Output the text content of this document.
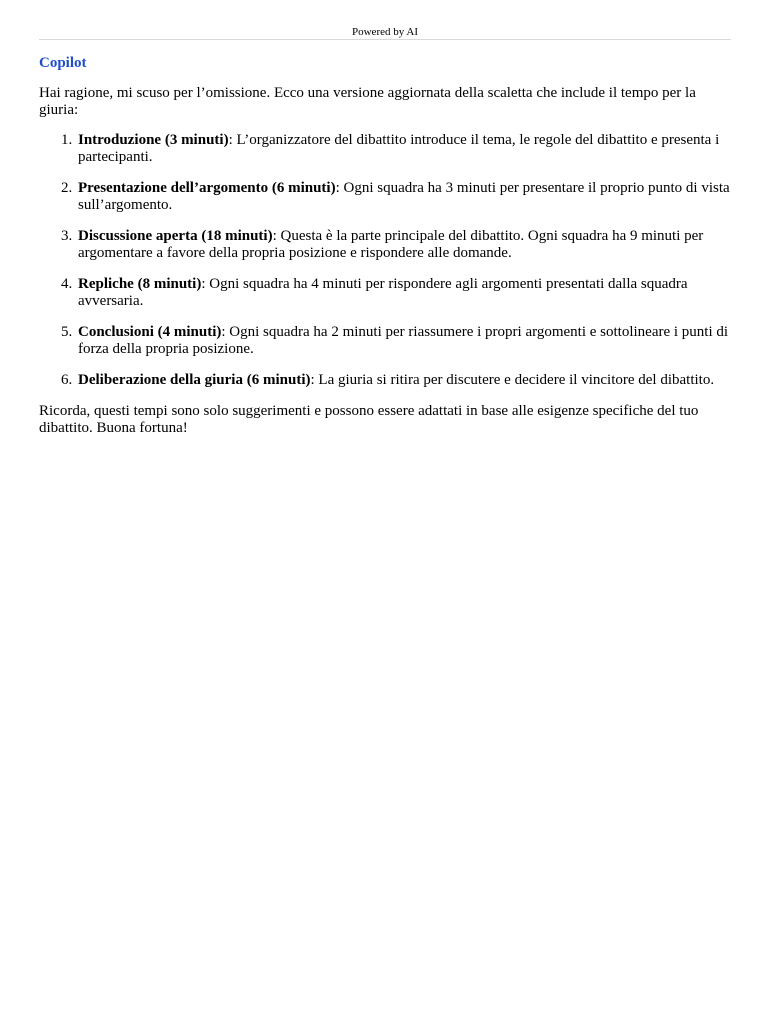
Powered by AI
Copilot
Hai ragione, mi scuso per l’omissione. Ecco una versione aggiornata della scaletta che include il tempo per la giuria:
1. Introduzione (3 minuti): L’organizzatore del dibattito introduce il tema, le regole del dibattito e presenta i partecipanti.
2. Presentazione dell’argomento (6 minuti): Ogni squadra ha 3 minuti per presentare il proprio punto di vista sull’argomento.
3. Discussione aperta (18 minuti): Questa è la parte principale del dibattito. Ogni squadra ha 9 minuti per argomentare a favore della propria posizione e rispondere alle domande.
4. Repliche (8 minuti): Ogni squadra ha 4 minuti per rispondere agli argomenti presentati dalla squadra avversaria.
5. Conclusioni (4 minuti): Ogni squadra ha 2 minuti per riassumere i propri argomenti e sottolineare i punti di forza della propria posizione.
6. Deliberazione della giuria (6 minuti): La giuria si ritira per discutere e decidere il vincitore del dibattito.
Ricorda, questi tempi sono solo suggerimenti e possono essere adattati in base alle esigenze specifiche del tuo dibattito. Buona fortuna!
